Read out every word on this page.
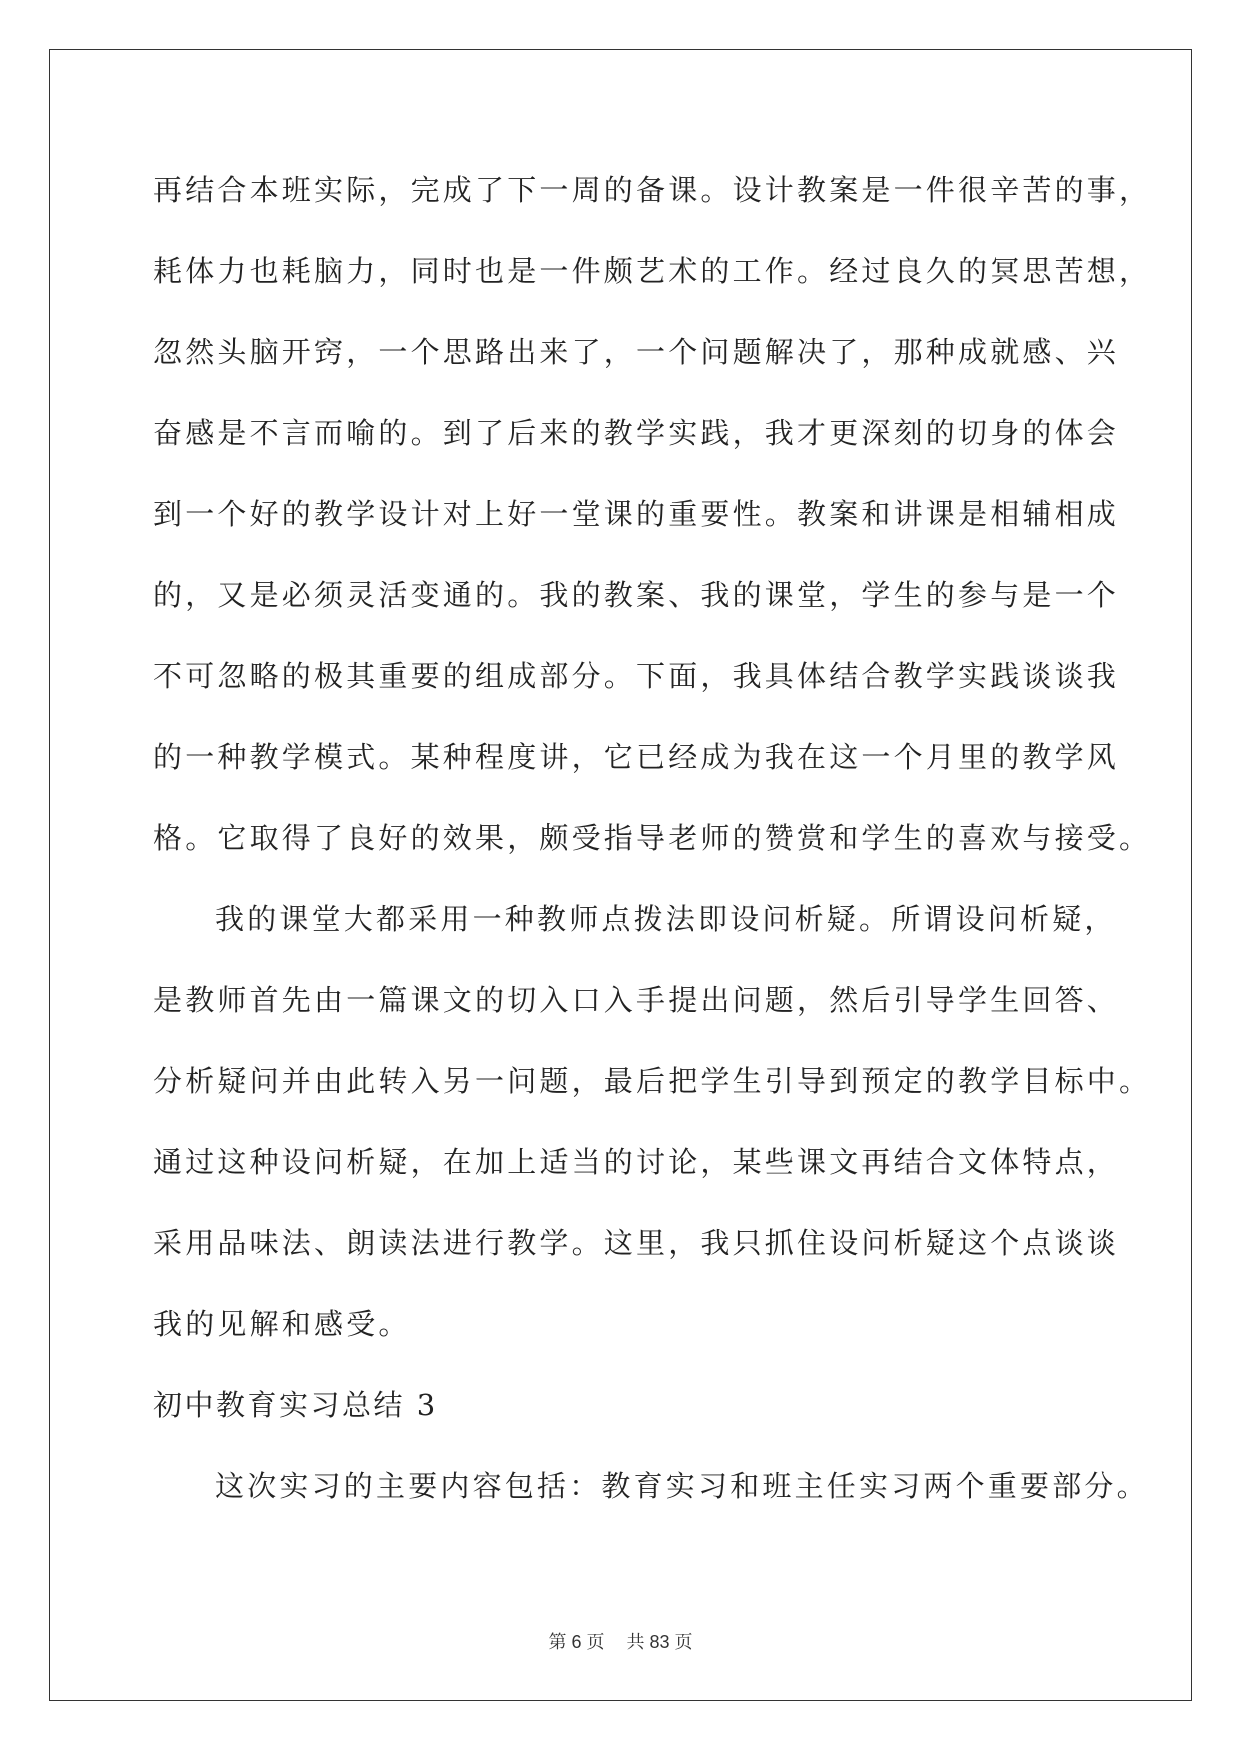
再结合本班实际，完成了下一周的备课。设计教案是一件很辛苦的事，
耗体力也耗脑力，同时也是一件颇艺术的工作。经过良久的冥思苦想，
忽然头脑开窍，一个思路出来了，一个问题解决了，那种成就感、兴
奋感是不言而喻的。到了后来的教学实践，我才更深刻的切身的体会
到一个好的教学设计对上好一堂课的重要性。教案和讲课是相辅相成
的，又是必须灵活变通的。我的教案、我的课堂，学生的参与是一个
不可忽略的极其重要的组成部分。下面，我具体结合教学实践谈谈我
的一种教学模式。某种程度讲，它已经成为我在这一个月里的教学风
格。它取得了良好的效果，颇受指导老师的赞赏和学生的喜欢与接受。
我的课堂大都采用一种教师点拨法即设问析疑。所谓设问析疑，
是教师首先由一篇课文的切入口入手提出问题，然后引导学生回答、
分析疑问并由此转入另一问题，最后把学生引导到预定的教学目标中。
通过这种设问析疑，在加上适当的讨论，某些课文再结合文体特点，
采用品味法、朗读法进行教学。这里，我只抓住设问析疑这个点谈谈
我的见解和感受。
初中教育实习总结 3
这次实习的主要内容包括：教育实习和班主任实习两个重要部分。
第 6 页 共 83 页
